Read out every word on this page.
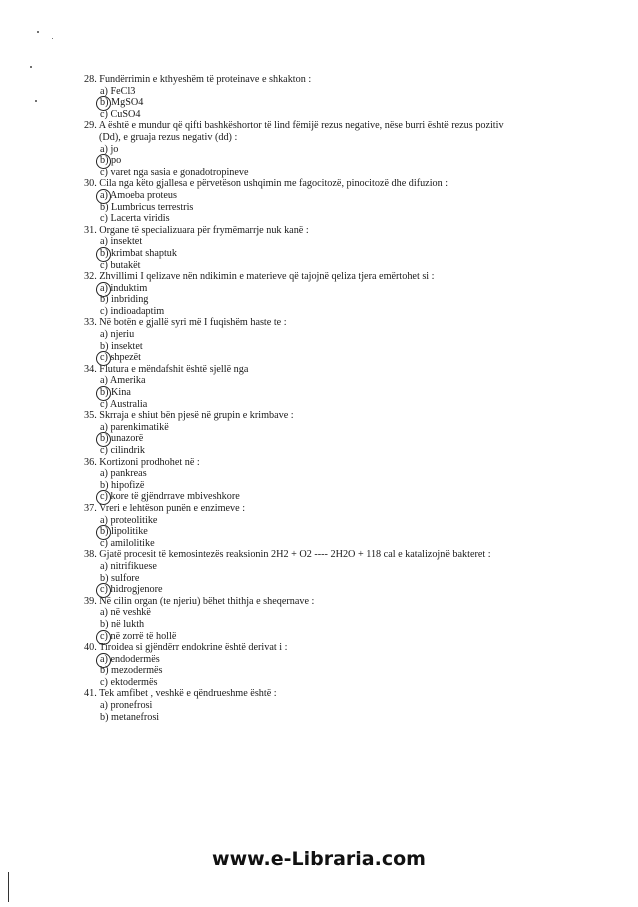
28. Fundërrimin e kthyeshëm të proteinave e shkakton :
a) FeCl3
b) MgSO4
c) CuSO4
29. A është e mundur që qifti bashkëshortor të lind fëmijë rezus negative, nëse burri është rezus pozitiv
(Dd), e gruaja rezus negativ (dd) :
a) jo
b) po
c) varet nga sasia e gonadotropineve
30. Cila nga këto gjallesa e përvetëson ushqimin me fagocitozë, pinocitozë dhe difuzion :
a) Amoeba proteus
b) Lumbricus terrestris
c) Lacerta viridis
31. Organe të specializuara për frymëmarrje nuk kanë :
a) insektet
b) krimbat shaptuk
c) butakët
32. Zhvillimi I qelizave nën ndikimin e materieve që tajojnë qeliza tjera emërtohet si :
a) induktim
b) inbriding
c) indioadaptim
33. Në botën e gjallë syri më I fuqishëm haste te :
a) njeriu
b) insektet
c) shpezët
34. Flutura e mëndafshit është sjellë nga
a) Amerika
b) Kina
c) Australia
35. Skrraja e shiut bën pjesë në grupin e krimbave :
a) parenkimatikë
b) unazorë
c) cilindrik
36. Kortizoni prodhohet në :
a) pankreas
b) hipofizë
c) kore të gjëndrrave mbiveshkore
37. Vreri e lehtëson punën e enzimeve :
a) proteolitike
b) lipolitike
c) amilolitike
38. Gjatë procesit të kemosintezës reaksionin 2H2 + O2 ---- 2H2O + 118 cal e katalizojnë bakteret :
a) nitrifikuese
b) sulfore
c) hidrogjenore
39. Në cilin organ (te njeriu) bëhet thithja e sheqernave :
a) në veshkë
b) në lukth
c) në zorrë të hollë
40. Tiroidea si gjëndërr endokrine është derivat i :
a) endodermës
b) mezodermës
c) ektodermës
41. Tek amfibet , veshkë e qëndrueshme është :
a) pronefrosi
b) metanefrosi
www.e-Libraria.com
